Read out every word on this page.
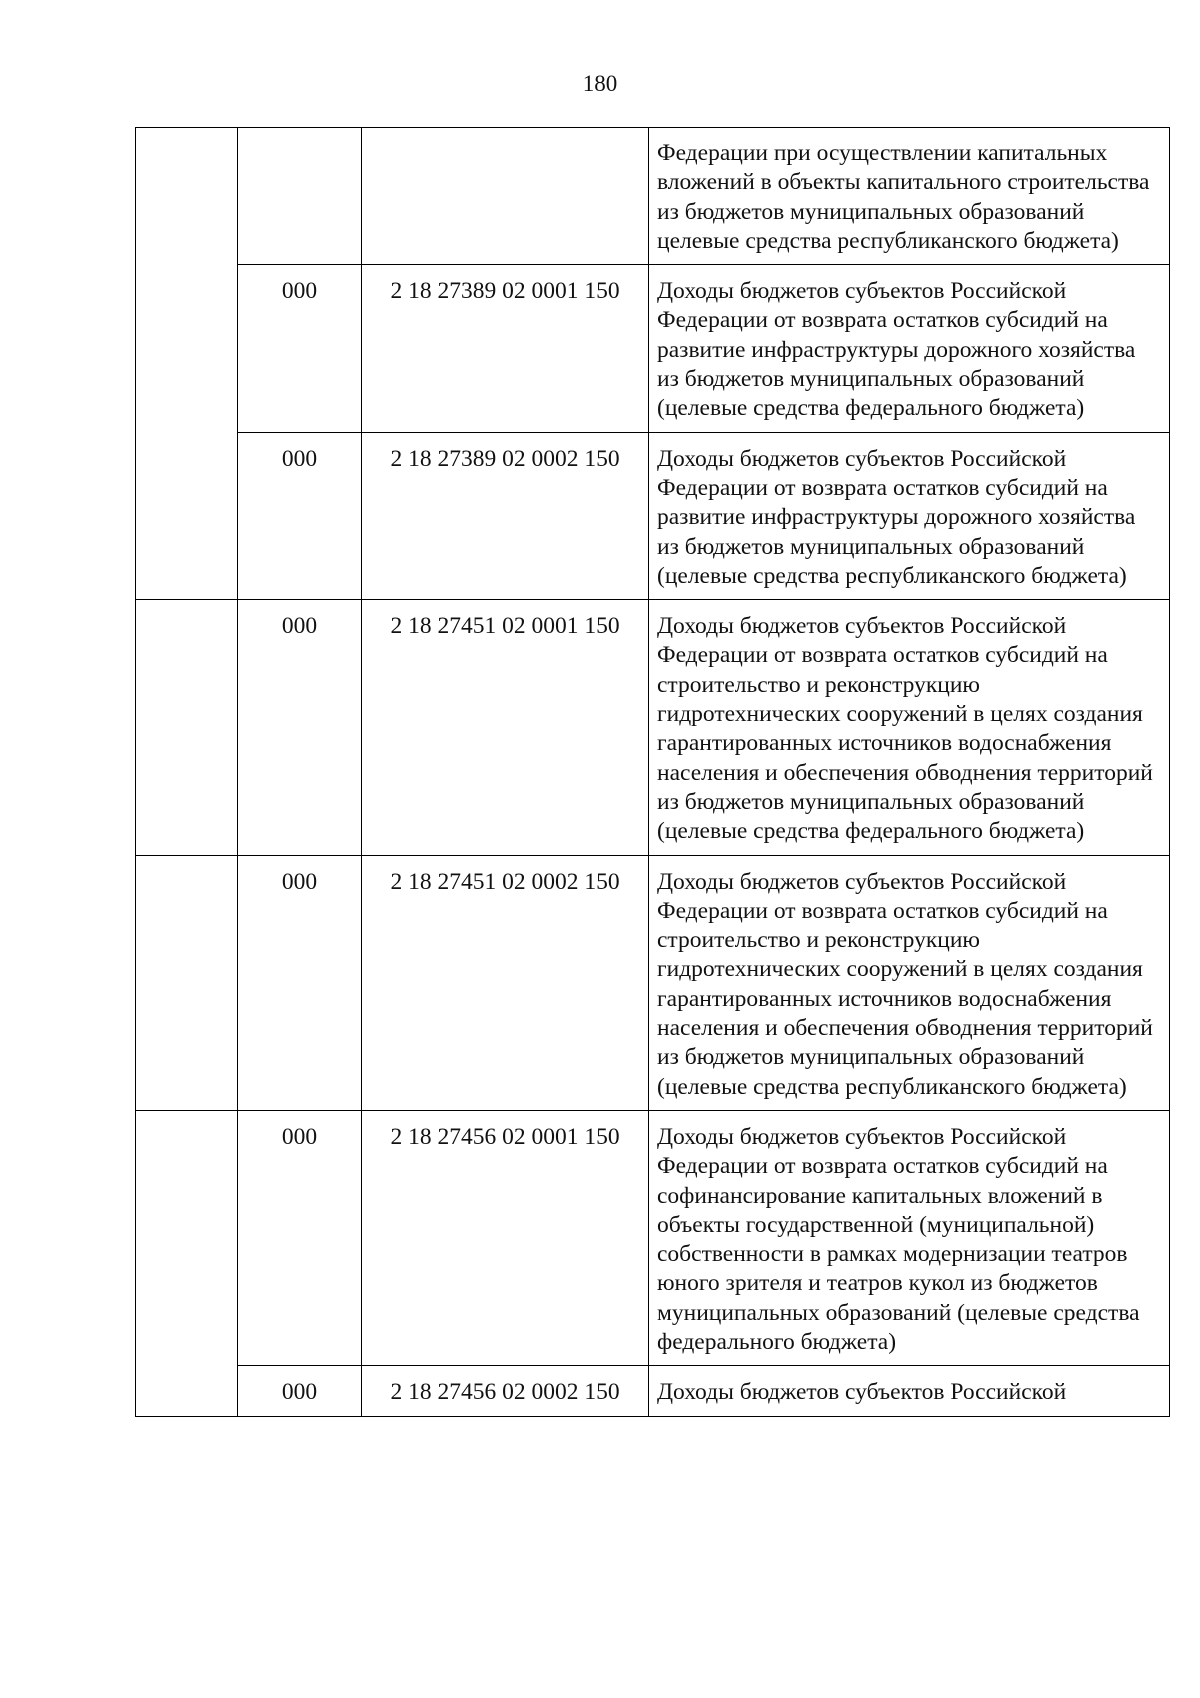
180
			Федерации при осуществлении капитальных вложений в объекты капитального строительства из бюджетов муниципальных образований целевые средства республиканского бюджета)
	000	2 18 27389 02 0001 150	Доходы бюджетов субъектов Российской Федерации от возврата остатков субсидий на развитие инфраструктуры дорожного хозяйства из бюджетов муниципальных образований (целевые средства федерального бюджета)
	000	2 18 27389 02 0002 150	Доходы бюджетов субъектов Российской Федерации от возврата остатков субсидий на развитие инфраструктуры дорожного хозяйства из бюджетов муниципальных образований (целевые средства республиканского бюджета)
	000	2 18 27451 02 0001 150	Доходы бюджетов субъектов Российской Федерации от возврата остатков субсидий на строительство и реконструкцию гидротехнических сооружений в целях создания гарантированных источников водоснабжения населения и обеспечения обводнения территорий из бюджетов муниципальных образований (целевые средства федерального бюджета)
	000	2 18 27451 02 0002 150	Доходы бюджетов субъектов Российской Федерации от возврата остатков субсидий на строительство и реконструкцию гидротехнических сооружений в целях создания гарантированных источников водоснабжения населения и обеспечения обводнения территорий из бюджетов муниципальных образований (целевые средства республиканского бюджета)
	000	2 18 27456 02 0001 150	Доходы бюджетов субъектов Российской Федерации от возврата остатков субсидий на софинансирование капитальных вложений в объекты государственной (муниципальной) собственности в рамках модернизации театров юного зрителя и театров кукол из бюджетов муниципальных образований (целевые средства федерального бюджета)
	000	2 18 27456 02 0002 150	Доходы бюджетов субъектов Российской
